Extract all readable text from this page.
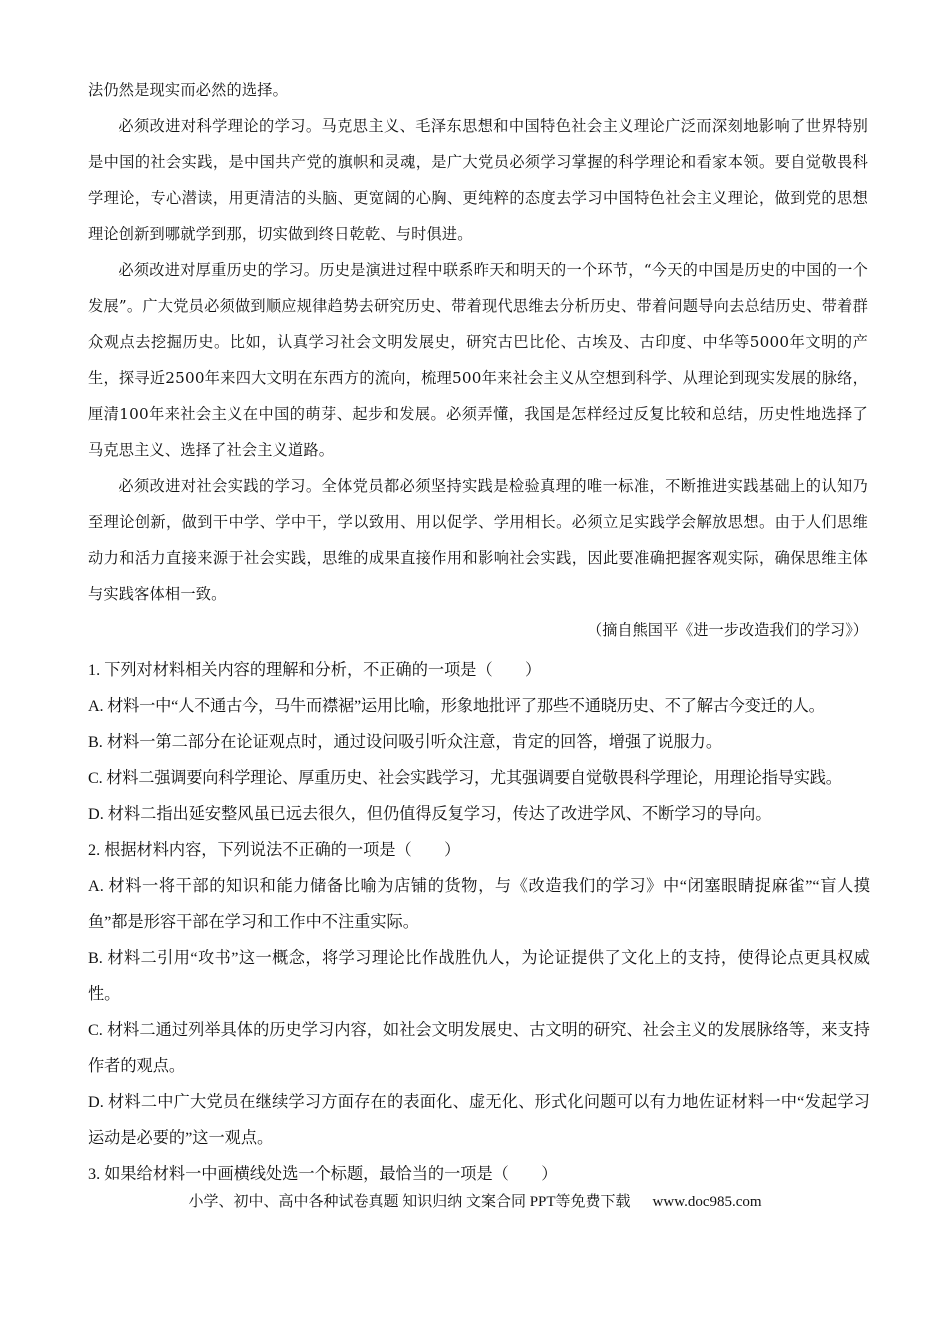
法仍然是现实而必然的选择。

必须改进对科学理论的学习。马克思主义、毛泽东思想和中国特色社会主义理论广泛而深刻地影响了世界特别是中国的社会实践，是中国共产党的旗帜和灵魂，是广大党员必须学习掌握的科学理论和看家本领。要自觉敬畏科学理论，专心潜读，用更清洁的头脑、更宽阔的心胸、更纯粹的态度去学习中国特色社会主义理论，做到党的思想理论创新到哪就学到那，切实做到终日乾乾、与时俱进。

必须改进对厚重历史的学习。历史是演进过程中联系昨天和明天的一个环节，“今天的中国是历史的中国的一个发展”。广大党员必须做到顺应规律趋势去研究历史、带着现代思维去分析历史、带着问题导向去总结历史、带着群众观点去挖掘历史。比如，认真学习社会文明发展史，研究古巴比伦、古埃及、古印度、中华等5000年文明的产生，探寻近2500年来四大文明在东西方的流向，梳理500年来社会主义从空想到科学、从理论到现实发展的脉络，厘清100年来社会主义在中国的萌芽、起步和发展。必须弄懂，我国是怎样经过反复比较和总结，历史性地选择了马克思主义、选择了社会主义道路。

必须改进对社会实践的学习。全体党员都必须坚持实践是检验真理的唯一标准，不断推进实践基础上的认知乃至理论创新，做到干中学、学中干，学以致用、用以促学、学用相长。必须立足实践学会解放思想。由于人们思维动力和活力直接来源于社会实践，思维的成果直接作用和影响社会实践，因此要准确把握客观实际，确保思维主体与实践客体相一致。

（摘自熊国平《进一步改造我们的学习》）

1. 下列对材料相关内容的理解和分析，不正确的一项是（　　）

A. 材料一中“人不通古今，马牛而襟裾”运用比喻，形象地批评了那些不通晓历史、不了解古今变迁的人。

B. 材料一第二部分在论证观点时，通过设问吸引听众注意，肯定的回答，增强了说服力。

C. 材料二强调要向科学理论、厚重历史、社会实践学习，尤其强调要自觉敬畏科学理论，用理论指导实践。

D. 材料二指出延安整风虽已远去很久，但仍值得反复学习，传达了改进学风、不断学习的导向。

2. 根据材料内容，下列说法不正确的一项是（　　）

A. 材料一将干部的知识和能力储备比喻为店铺的货物，与《改造我们的学习》中“闭塞眼睛捉麻雀”“盲人摸鱼”都是形容干部在学习和工作中不注重实际。

B. 材料二引用“攻书”这一概念，将学习理论比作战胜仇人，为论证提供了文化上的支持，使得论点更具权威性。

C. 材料二通过列举具体的历史学习内容，如社会文明发展史、古文明的研究、社会主义的发展脉络等，来支持作者的观点。

D. 材料二中广大党员在继续学习方面存在的表面化、虚无化、形式化问题可以有力地佐证材料一中“发起学习运动是必要的”这一观点。

3. 如果给材料一中画横线处选一个标题，最恰当的一项是（　　）

小学、初中、高中各种试卷真题 知识归纳 文案合同 PPT等免费下载 www.doc985.com
